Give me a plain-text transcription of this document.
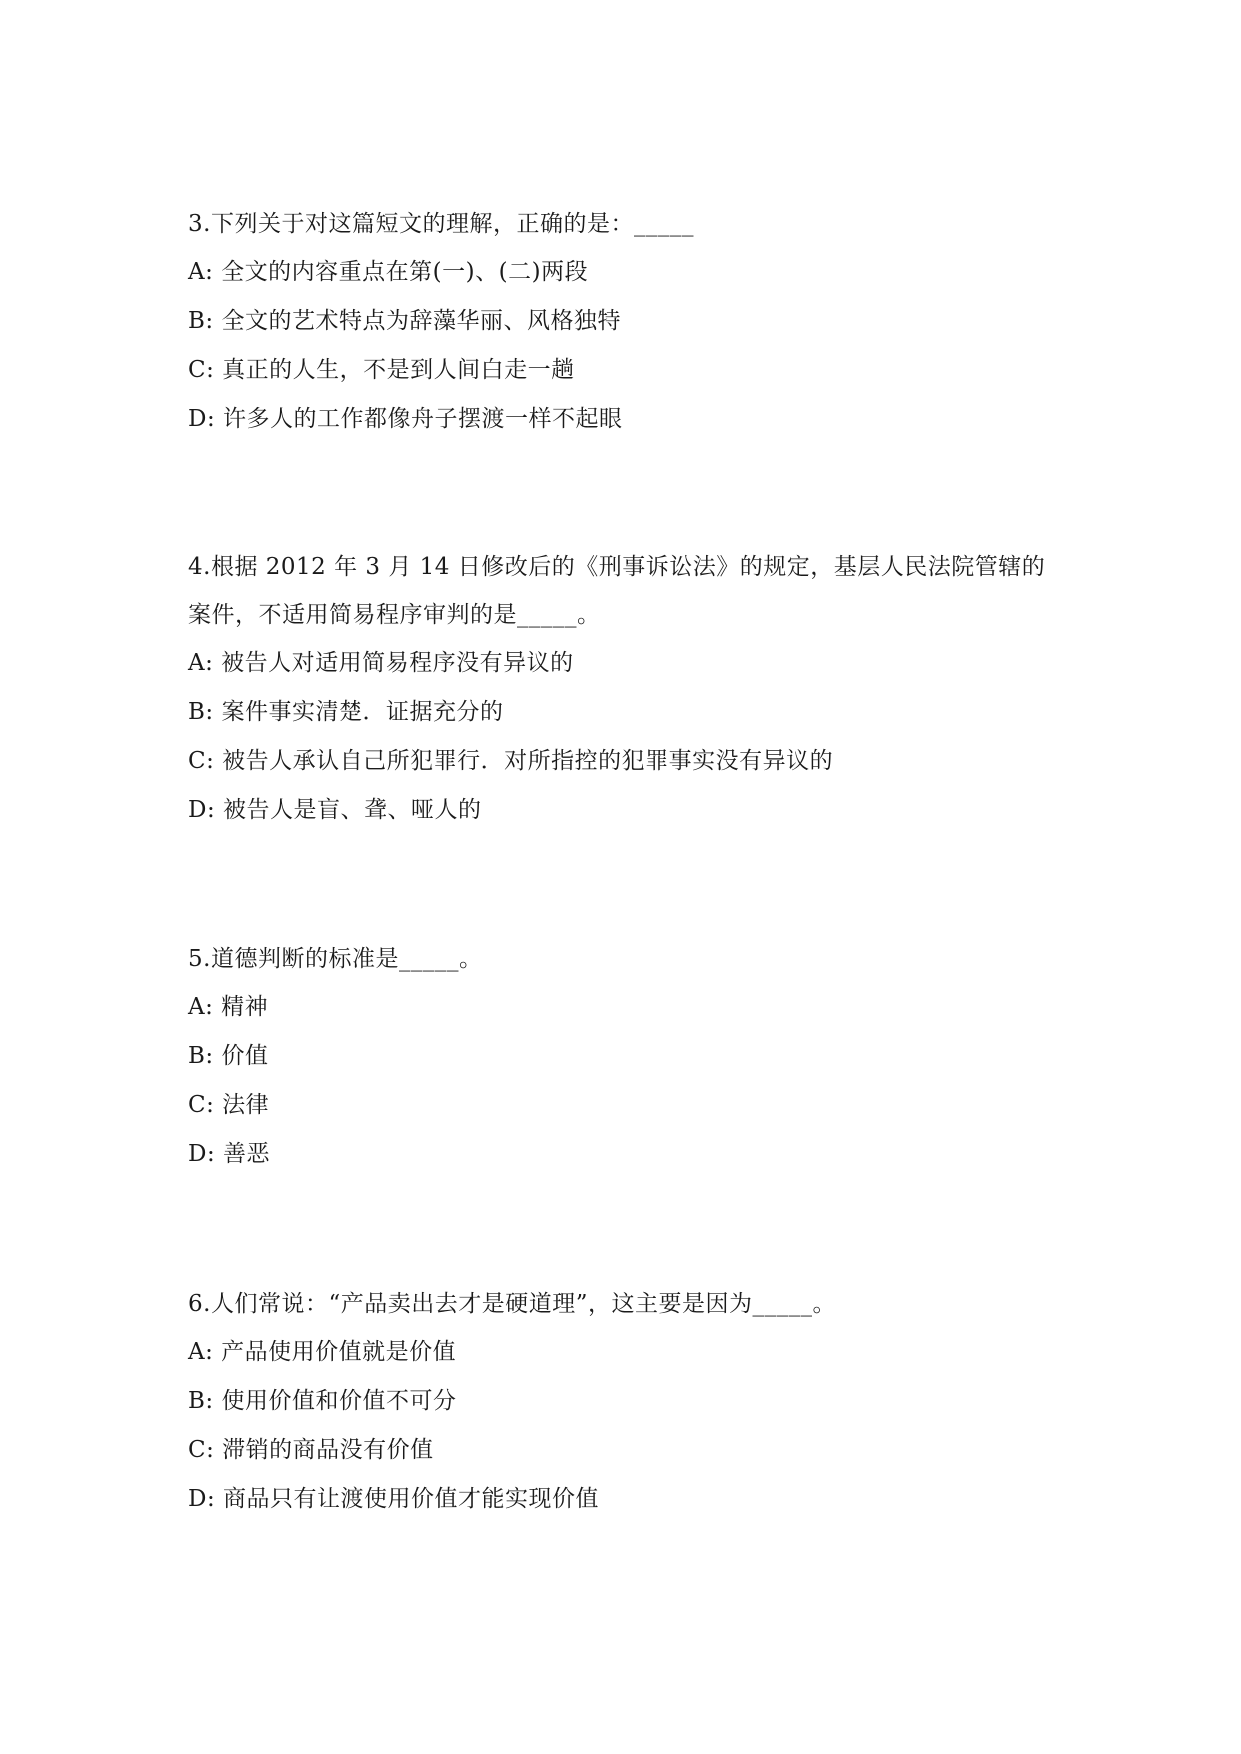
3.下列关于对这篇短文的理解，正确的是：_____

A: 全文的内容重点在第(一)、(二)两段

B: 全文的艺术特点为辞藻华丽、风格独特

C: 真正的人生，不是到人间白走一趟

D: 许多人的工作都像舟子摆渡一样不起眼

4.根据 2012 年 3 月 14 日修改后的《刑事诉讼法》的规定，基层人民法院管辖的案件，不适用简易程序审判的是_____。

A: 被告人对适用简易程序没有异议的

B: 案件事实清楚．证据充分的

C: 被告人承认自己所犯罪行．对所指控的犯罪事实没有异议的

D: 被告人是盲、聋、哑人的

5.道德判断的标准是_____。

A: 精神

B: 价值

C: 法律

D: 善恶

6.人们常说：“产品卖出去才是硬道理”，这主要是因为_____。

A: 产品使用价值就是价值

B: 使用价值和价值不可分

C: 滞销的商品没有价值

D: 商品只有让渡使用价值才能实现价值
